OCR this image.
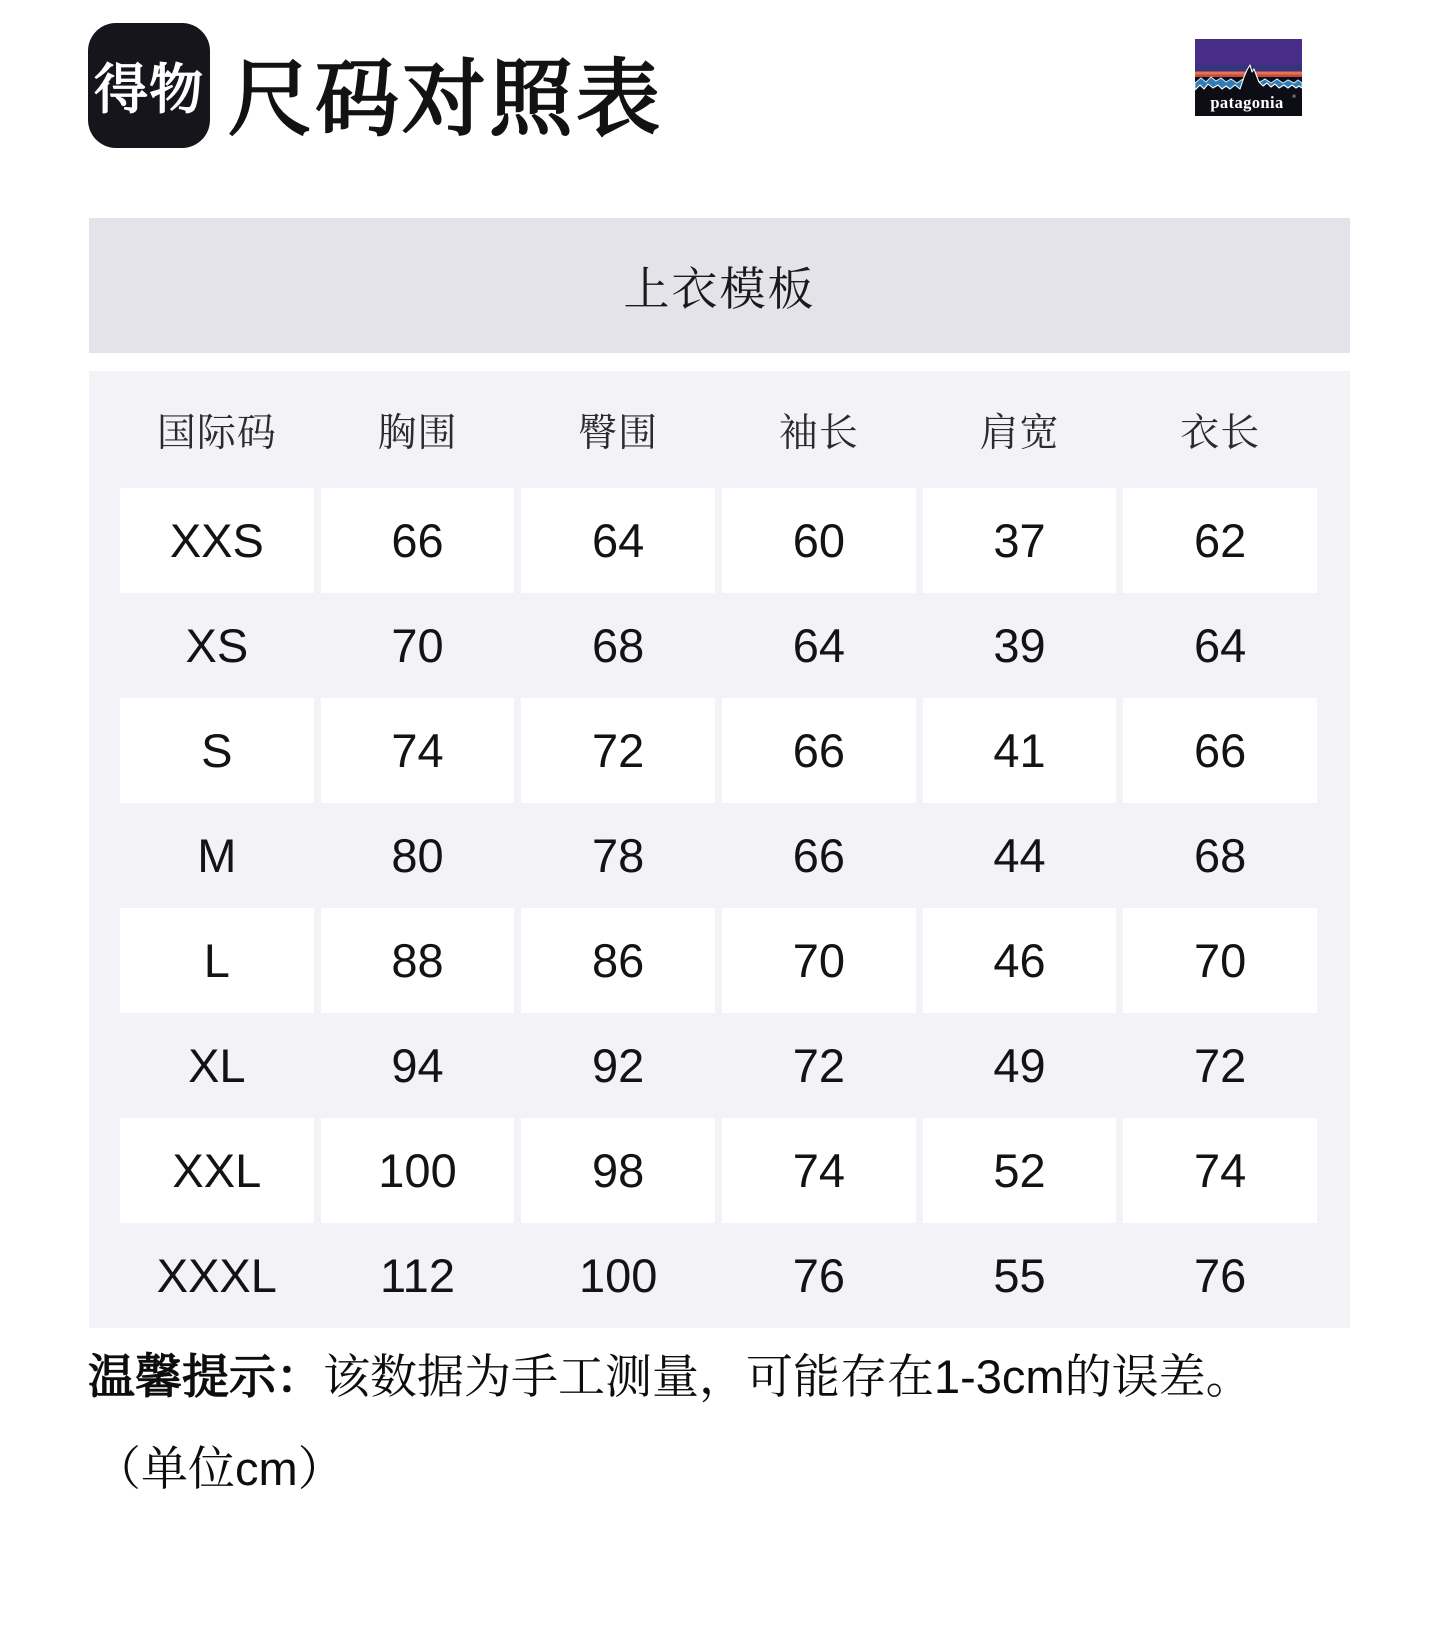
得物 尺码对照表	patagonia ®
上衣模板
国际码	胸围	臀围	袖长	肩宽	衣长
XXS	66	64	60	37	62
XS	70	68	64	39	64
S	74	72	66	41	66
M	80	78	66	44	68
L	88	86	70	46	70
XL	94	92	72	49	72
XXL	100	98	74	52	74
XXXL	112	100	76	55	76

温馨提示：该数据为手工测量，可能存在1-3cm的误差。

（单位cm）
